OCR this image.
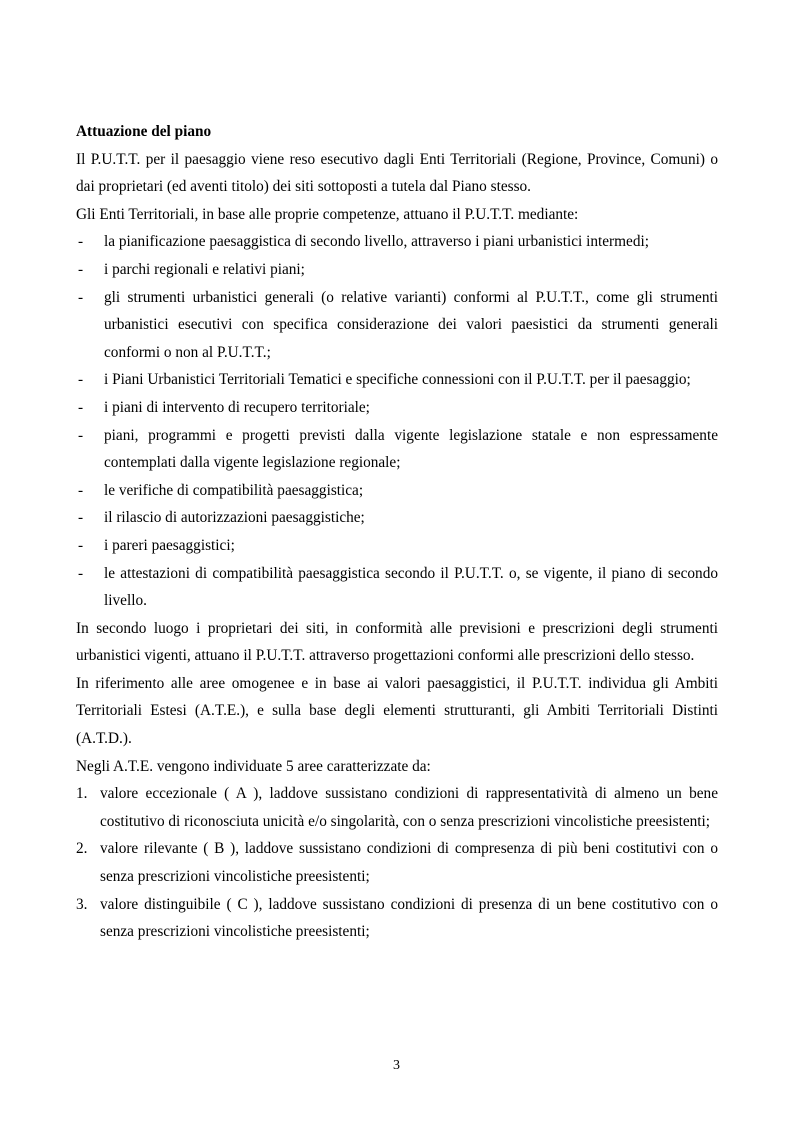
Attuazione del piano

Il P.U.T.T. per il paesaggio viene reso esecutivo dagli Enti Territoriali (Regione, Province, Comuni) o dai proprietari (ed aventi titolo) dei siti sottoposti a tutela dal Piano stesso.

Gli Enti Territoriali, in base alle proprie competenze, attuano il P.U.T.T. mediante:

- la pianificazione paesaggistica di secondo livello, attraverso i piani urbanistici intermedi;
- i parchi regionali e relativi piani;
- gli strumenti urbanistici generali (o relative varianti) conformi al P.U.T.T., come gli strumenti urbanistici esecutivi con specifica considerazione dei valori paesistici da strumenti generali conformi o non al P.U.T.T.;
- i Piani Urbanistici Territoriali Tematici e specifiche connessioni con il P.U.T.T. per il paesaggio;
- i piani di intervento di recupero territoriale;
- piani, programmi e progetti previsti dalla vigente legislazione statale e non espressamente contemplati dalla vigente legislazione regionale;
- le verifiche di compatibilità paesaggistica;
- il rilascio di autorizzazioni paesaggistiche;
- i pareri paesaggistici;
- le attestazioni di compatibilità paesaggistica secondo il P.U.T.T. o, se vigente, il piano di secondo livello.

In secondo luogo i proprietari dei siti, in conformità alle previsioni e prescrizioni degli strumenti urbanistici vigenti, attuano il P.U.T.T. attraverso progettazioni conformi alle prescrizioni dello stesso.

In riferimento alle aree omogenee e in base ai valori paesaggistici, il P.U.T.T. individua gli Ambiti Territoriali Estesi (A.T.E.), e sulla base degli elementi strutturanti, gli Ambiti Territoriali Distinti (A.T.D.).

Negli A.T.E. vengono individuate 5 aree caratterizzate da:

1. valore eccezionale ( A ), laddove sussistano condizioni di rappresentatività di almeno un bene costitutivo di riconosciuta unicità e/o singolarità, con o senza prescrizioni vincolistiche preesistenti;
2. valore rilevante ( B ), laddove sussistano condizioni di compresenza di più beni costitutivi con o senza prescrizioni vincolistiche preesistenti;
3. valore distinguibile ( C ), laddove sussistano condizioni di presenza di un bene costitutivo con o senza prescrizioni vincolistiche preesistenti;
3
